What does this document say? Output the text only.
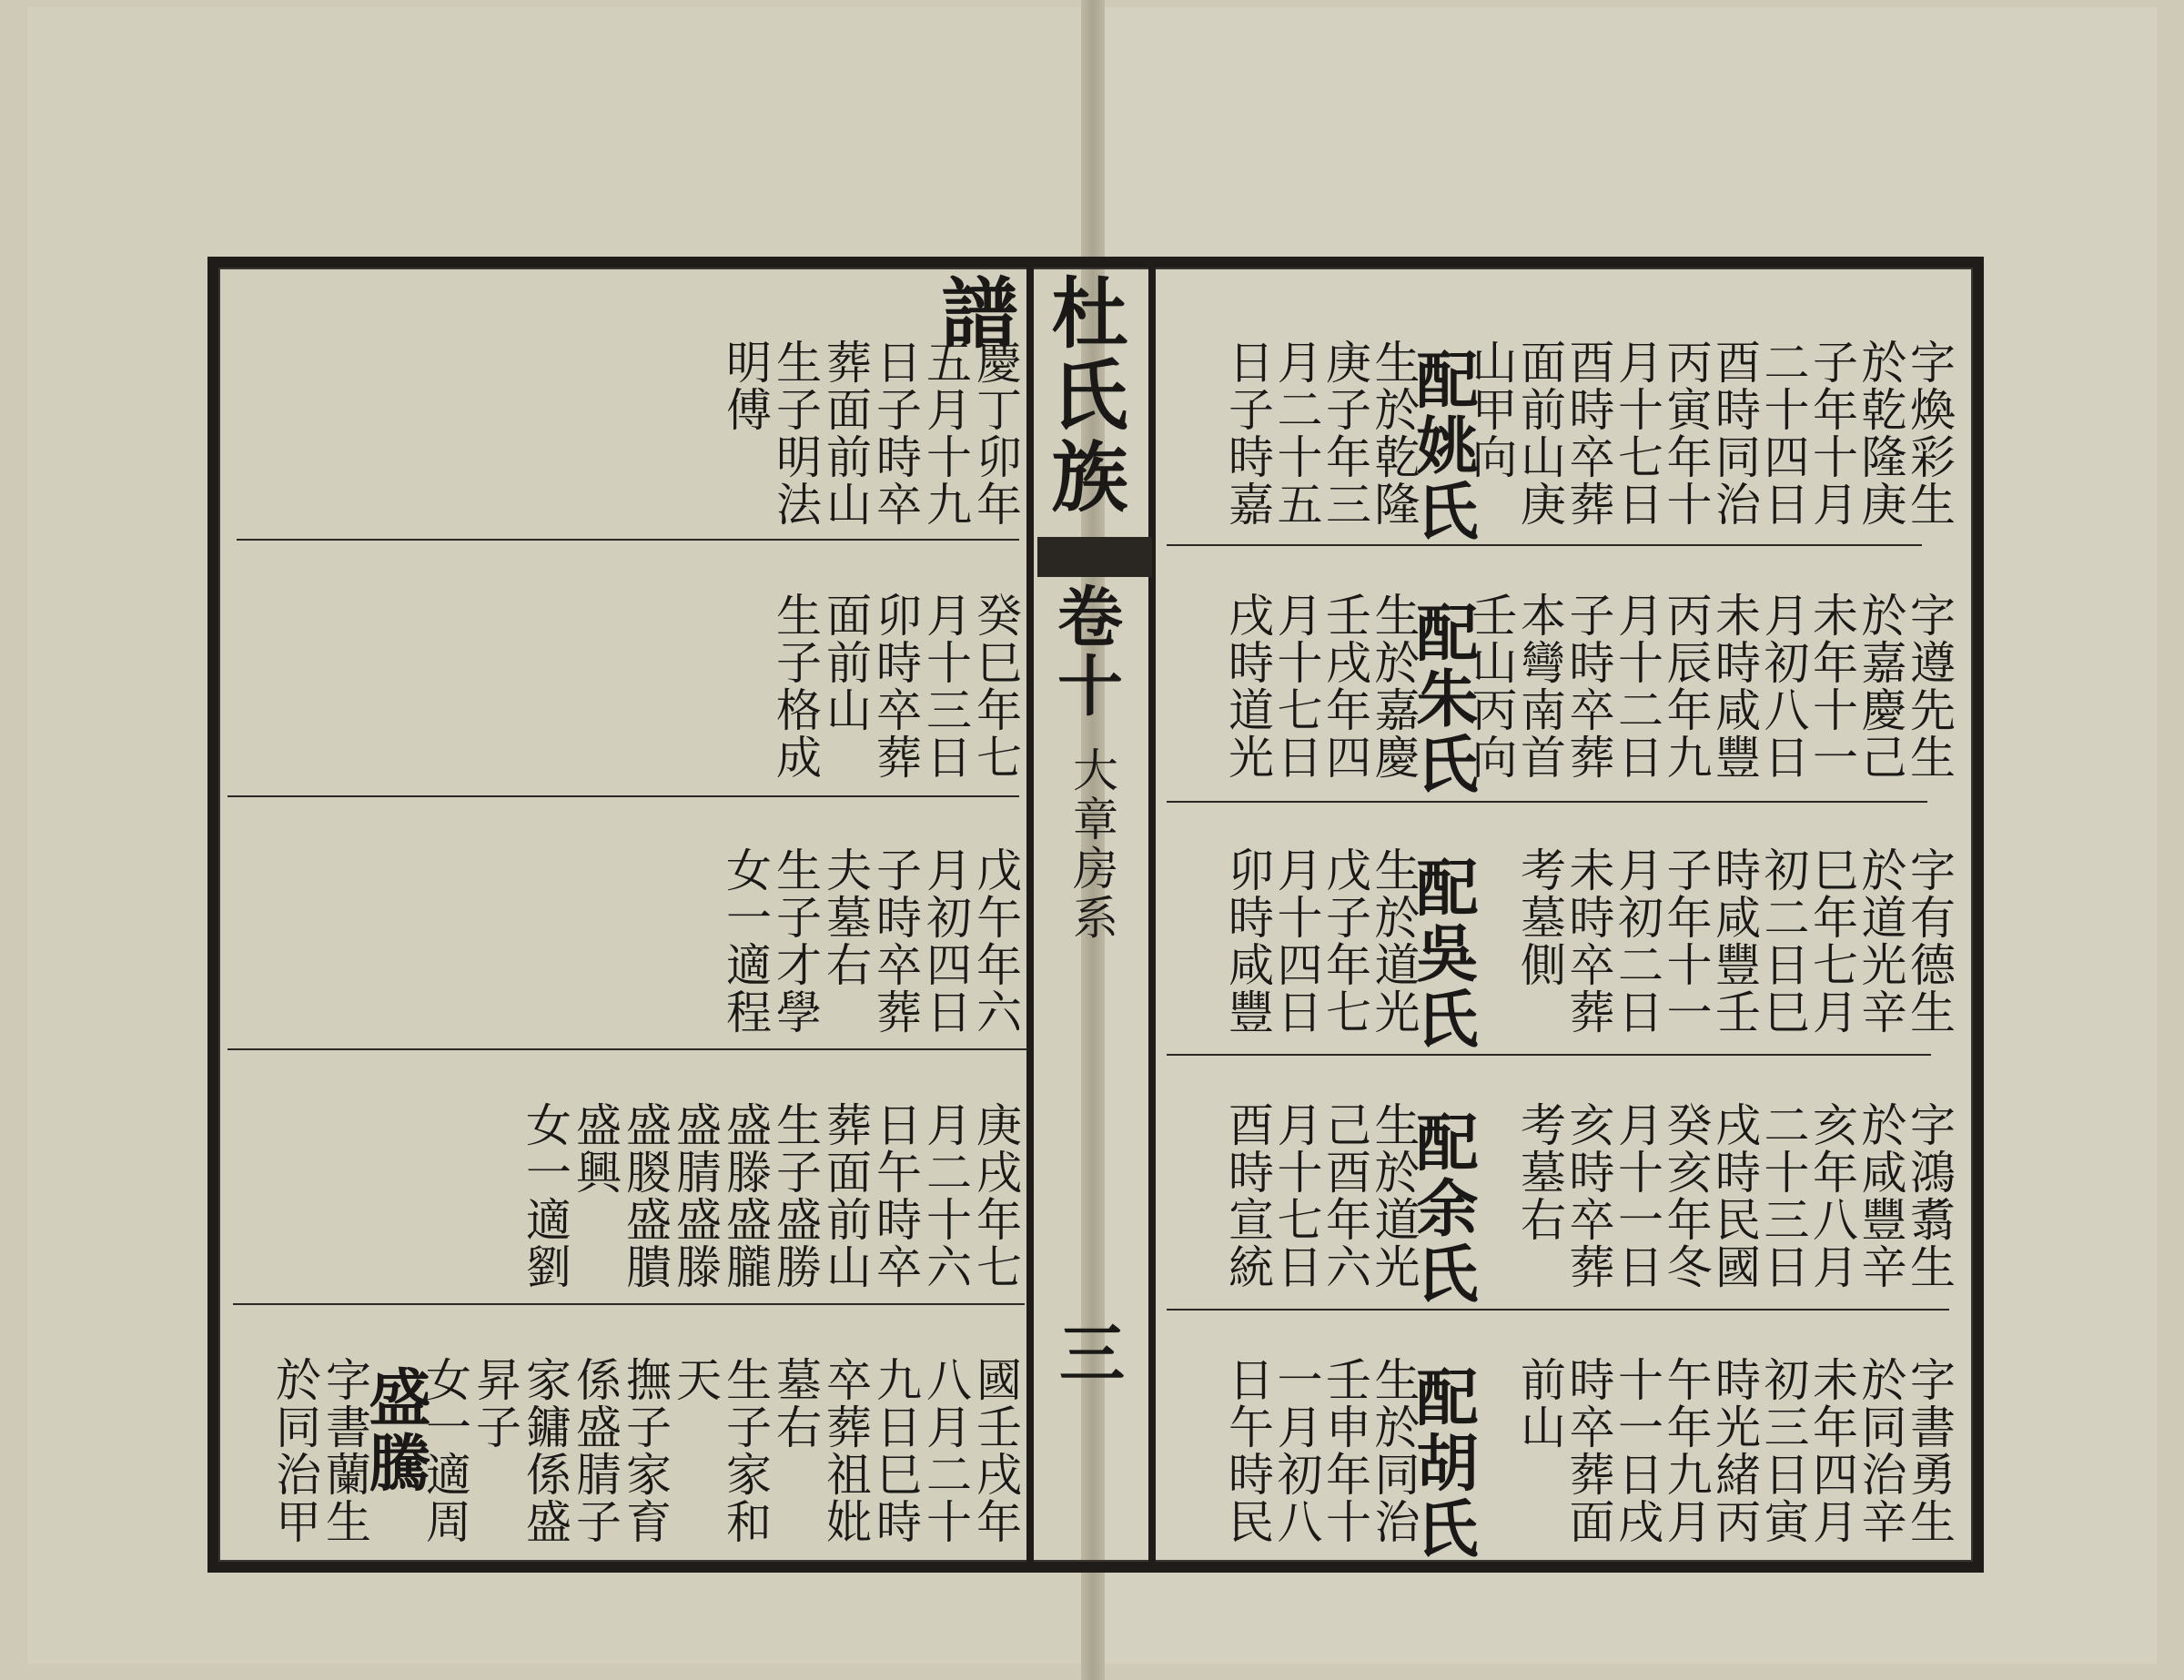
杜氏族譜
卷十
大章房系
三
字煥彩生
於乾隆庚
子年十月
二十四日
酉時同治
丙寅年十
月十七日
酉時卒葬
面前山庚
山甲向
配姚氏
生於乾隆
庚子年三
月二十五
日子時嘉
字遵先生
於嘉慶己
未年十一
月初八日
未時咸豐
丙辰年九
月十二日
子時卒葬
本彎南首
壬山丙向
配朱氏
生於嘉慶
壬戌年四
月十七日
戌時道光
字有德生
於道光辛
巳年七月
初二日巳
時咸豐壬
子年十一
月初二日
未時卒葬
考墓側
配吳氏
生於道光
戊子年七
月十四日
卯時咸豐
字鴻翥生
於咸豐辛
亥年八月
二十三日
戌時民國
癸亥年冬
月十一日
亥時卒葬
考墓右
配余氏
生於道光
己酉年六
月十七日
酉時宣統
字書勇生
於同治辛
未年四月
初三日寅
時光緒丙
午年九月
十一日戌
時卒葬面
前山
配胡氏
生於同治
壬申年十
一月初八
日午時民
慶丁卯年
五月十九
日子時卒
葬面前山
生子明法
明傅
癸巳年七
月十三日
卯時卒葬
面前山
生子格成
戊午年六
月初四日
子時卒葬
夫墓右
生子才學
女一適程
庚戌年七
月二十六
日午時卒
葬面前山
生子盛勝
盛滕盛朧
盛腈盛滕
盛朡盛膭
盛興
女一適劉
國壬戌年
八月二十
九日巳時
卒葬祖妣
墓右
生子家和
天
撫子家育
係盛腈子
家鏞係盛
昇子
女一適周
盛騰
字書蘭生
於同治甲
